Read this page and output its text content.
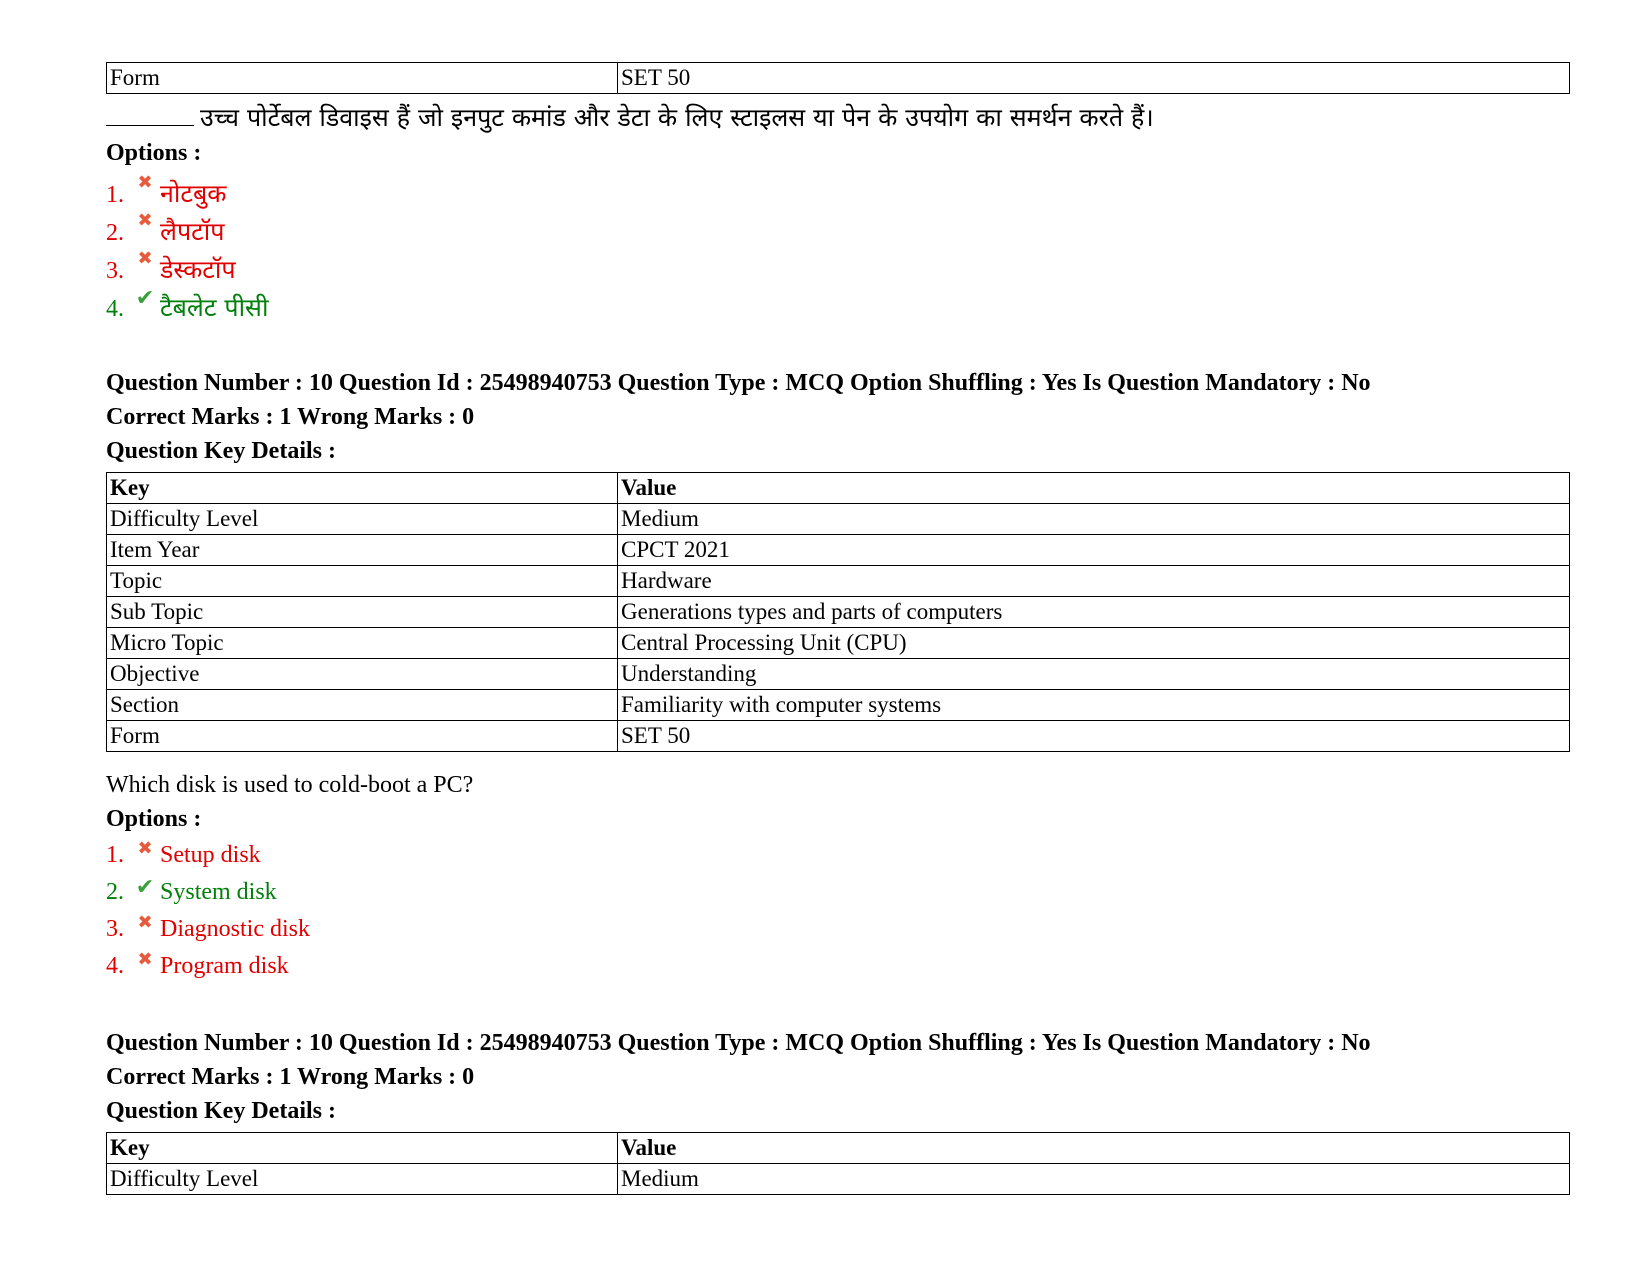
Form	SET 50
उच्च पोर्टेबल डिवाइस हैं जो इनपुट कमांड और डेटा के लिए स्टाइलस या पेन के उपयोग का समर्थन करते हैं।
Options :
1. ✖ नोटबुक
2. ✖ लैपटॉप
3. ✖ डेस्कटॉप
4. ✔ टैबलेट पीसी
Question Number : 10 Question Id : 25498940753 Question Type : MCQ Option Shuffling : Yes Is Question Mandatory : No
Correct Marks : 1 Wrong Marks : 0
Question Key Details :
Key	Value
Difficulty Level	Medium
Item Year	CPCT 2021
Topic	Hardware
Sub Topic	Generations types and parts of computers
Micro Topic	Central Processing Unit (CPU)
Objective	Understanding
Section	Familiarity with computer systems
Form	SET 50
Which disk is used to cold-boot a PC?
Options :
1. ✖ Setup disk
2. ✔ System disk
3. ✖ Diagnostic disk
4. ✖ Program disk
Question Number : 10 Question Id : 25498940753 Question Type : MCQ Option Shuffling : Yes Is Question Mandatory : No
Correct Marks : 1 Wrong Marks : 0
Question Key Details :
Key	Value
Difficulty Level	Medium
